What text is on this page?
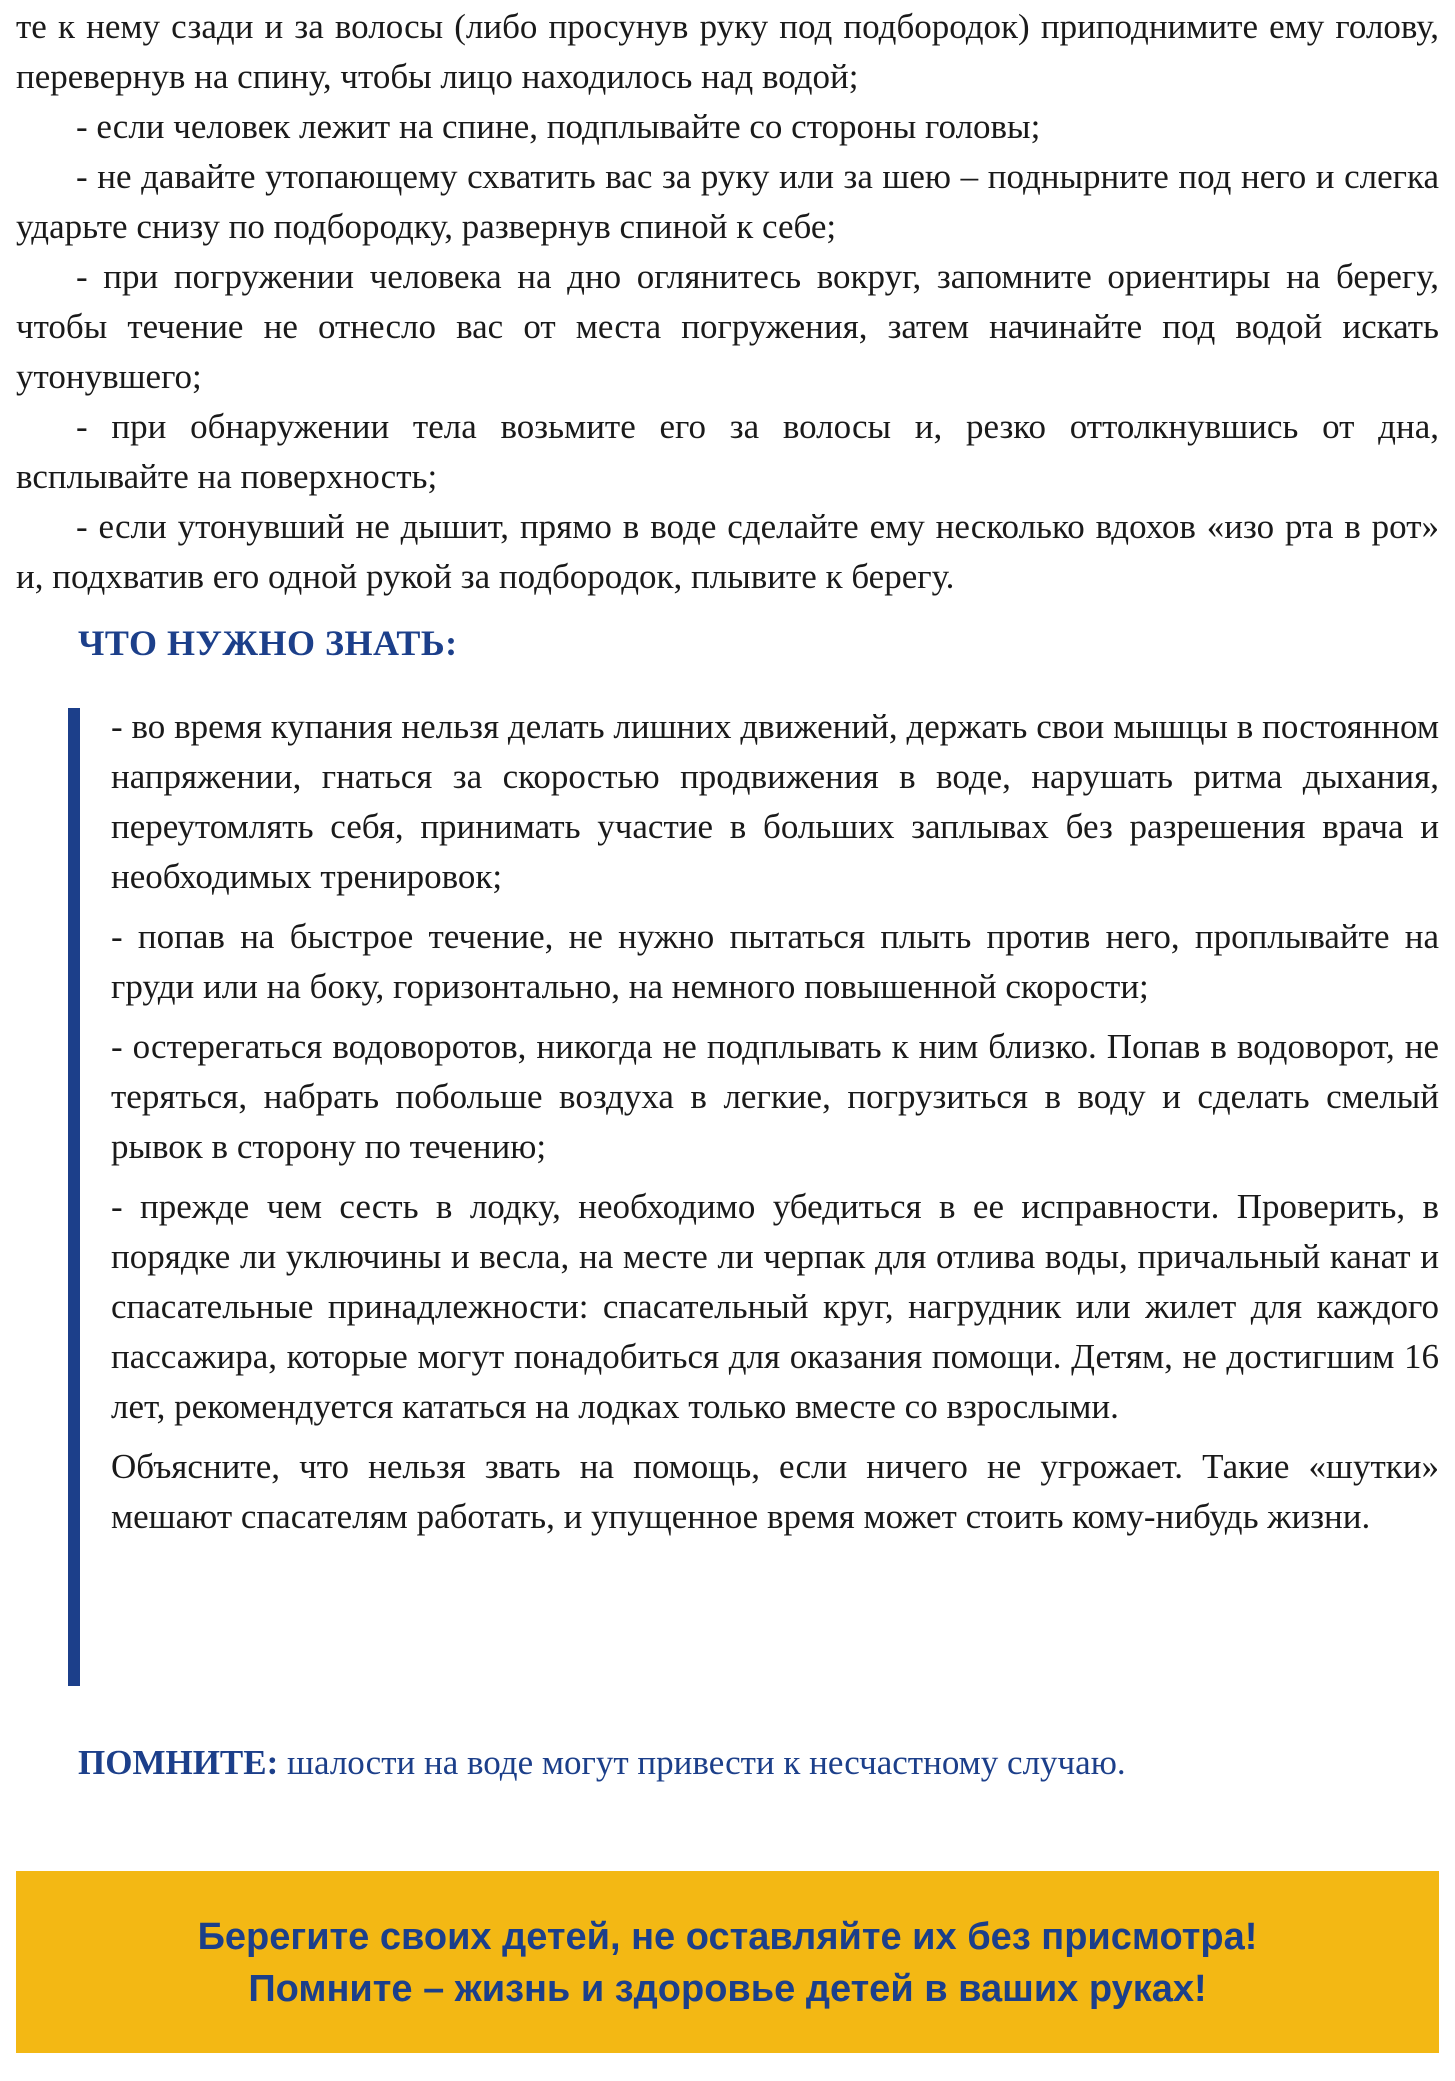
те к нему сзади и за волосы (либо просунув руку под подбородок) приподнимите ему голову, перевернув на спину, чтобы лицо находилось над водой;

- если человек лежит на спине, подплывайте со стороны головы;

- не давайте утопающему схватить вас за руку или за шею – поднырните под него и слегка ударьте снизу по подбородку, развернув спиной к себе;

- при погружении человека на дно оглянитесь вокруг, запомните ориентиры на берегу, чтобы течение не отнесло вас от места погружения, затем начинайте под водой искать утонувшего;

- при обнаружении тела возьмите его за волосы и, резко оттолкнувшись от дна, всплывайте на поверхность;

- если утонувший не дышит, прямо в воде сделайте ему несколько вдохов «изо рта в рот» и, подхватив его одной рукой за подбородок, плывите к берегу.

ЧТО НУЖНО ЗНАТЬ:

- во время купания нельзя делать лишних движений, держать свои мышцы в постоянном напряжении, гнаться за скоростью продвижения в воде, нарушать ритма дыхания, переутомлять себя, принимать участие в больших заплывах без разрешения врача и необходимых тренировок;

- попав на быстрое течение, не нужно пытаться плыть против него, проплывайте на груди или на боку, горизонтально, на немного повышенной скорости;

- остерегаться водоворотов, никогда не подплывать к ним близко. Попав в водоворот, не теряться, набрать побольше воздуха в легкие, погрузиться в воду и сделать смелый рывок в сторону по течению;

- прежде чем сесть в лодку, необходимо убедиться в ее исправности. Проверить, в порядке ли уключины и весла, на месте ли черпак для отлива воды, причальный канат и спасательные принадлежности: спасательный круг, нагрудник или жилет для каждого пассажира, которые могут понадобиться для оказания помощи. Детям, не достигшим 16 лет, рекомендуется кататься на лодках только вместе со взрослыми.

Объясните, что нельзя звать на помощь, если ничего не угрожает. Такие «шутки» мешают спасателям работать, и упущенное время может стоить кому-нибудь жизни.

ПОМНИТЕ: шалости на воде могут привести к несчастному случаю.

Берегите своих детей, не оставляйте их без присмотра!

Помните – жизнь и здоровье детей в ваших руках!
